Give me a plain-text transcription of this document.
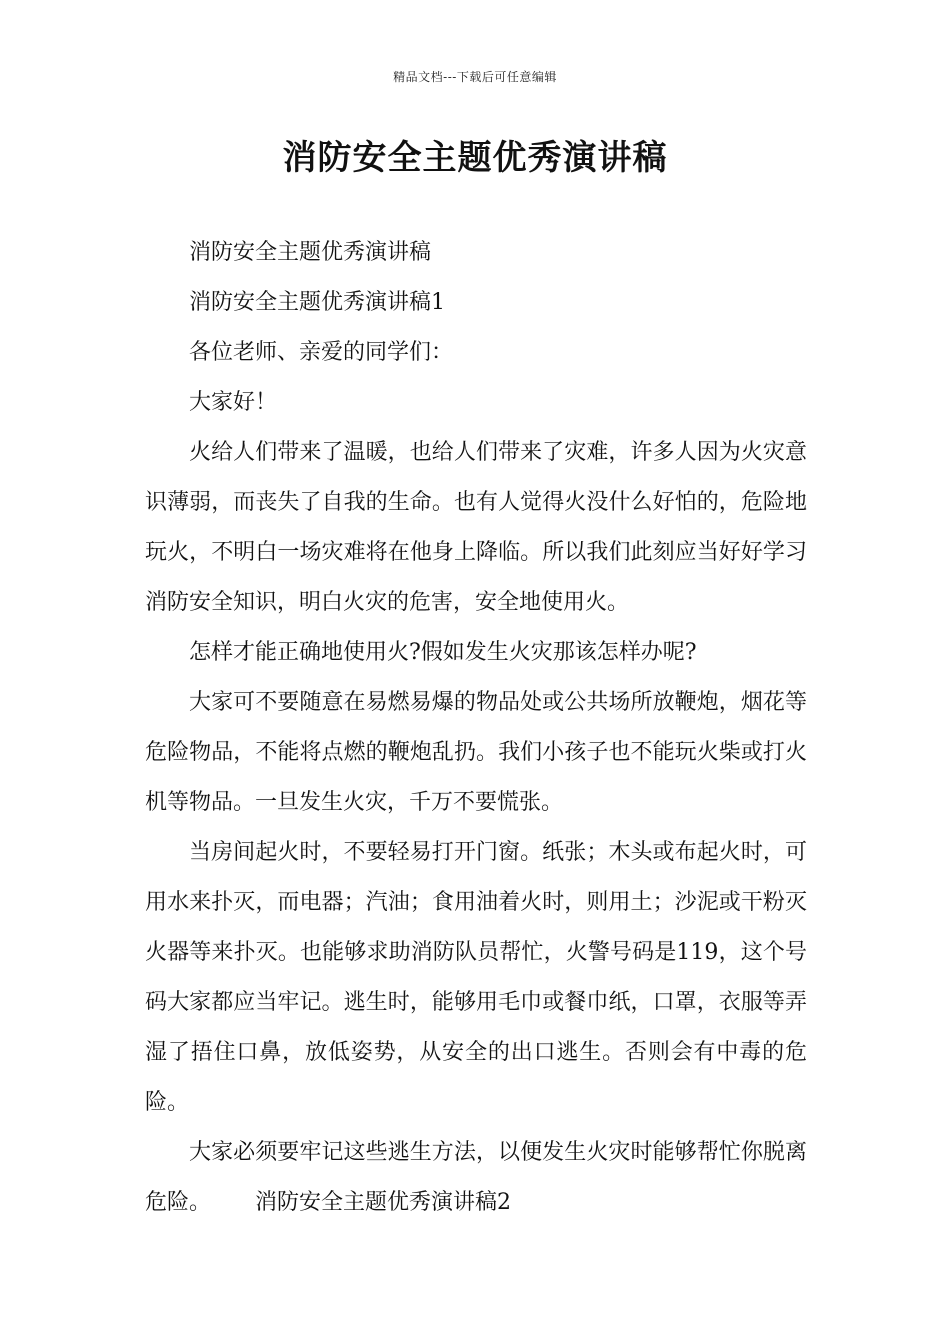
精品文档---下载后可任意编辑
消防安全主题优秀演讲稿

消防安全主题优秀演讲稿

消防安全主题优秀演讲稿1

各位老师、亲爱的同学们：

大家好！

火给人们带来了温暖，也给人们带来了灾难，许多人因为火灾意识薄弱，而丧失了自我的生命。也有人觉得火没什么好怕的，危险地玩火，不明白一场灾难将在他身上降临。所以我们此刻应当好好学习消防安全知识，明白火灾的危害，安全地使用火。

怎样才能正确地使用火?假如发生火灾那该怎样办呢?

大家可不要随意在易燃易爆的物品处或公共场所放鞭炮，烟花等危险物品，不能将点燃的鞭炮乱扔。我们小孩子也不能玩火柴或打火机等物品。一旦发生火灾，千万不要慌张。

当房间起火时，不要轻易打开门窗。纸张；木头或布起火时，可用水来扑灭，而电器；汽油；食用油着火时，则用土；沙泥或干粉灭火器等来扑灭。也能够求助消防队员帮忙，火警号码是119，这个号码大家都应当牢记。逃生时，能够用毛巾或餐巾纸，口罩，衣服等弄湿了捂住口鼻，放低姿势，从安全的出口逃生。否则会有中毒的危险。

大家必须要牢记这些逃生方法，以便发生火灾时能够帮忙你脱离危险。 消防安全主题优秀演讲稿2
